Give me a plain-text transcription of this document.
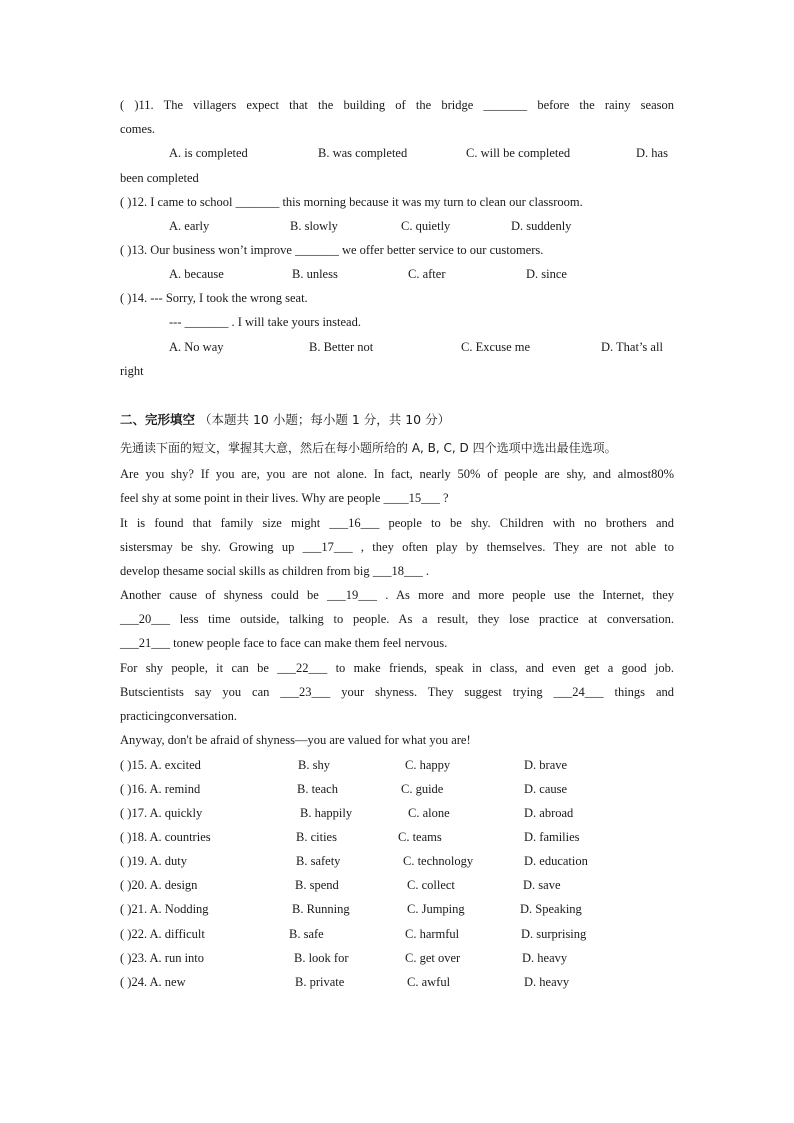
( )11. The villagers expect that the building of the bridge _______ before the rainy season
comes.
A. is completed	B. was completed	C. will be completed	D. has
been completed
( )12. I came to school _______ this morning because it was my turn to clean our classroom.
A. early	B. slowly	C. quietly	D. suddenly
( )13. Our business won’t improve _______ we offer better service to our customers.
A. because	B. unless	C. after	D. since
( )14. --- Sorry, I took the wrong seat.
--- _______ . I will take yours instead.
A. No way	B. Better not	C. Excuse me	D. That’s all
right
二、完形填空 （本题共 10 小题；每小题 1 分，共 10 分）
先通读下面的短文，掌握其大意，然后在每小题所给的 A, B, C, D 四个选项中选出最佳选项。
Are you shy? If you are, you are not alone. In fact, nearly 50% of people are shy, and almost80%
feel shy at some point in their lives. Why are people ____15___ ?
It is found that family size might ___16___ people to be shy. Children with no brothers and
sistersmay be shy. Growing up ___17___ , they often play by themselves. They are not able to
develop thesame social skills as children from big ___18___ .
Another cause of shyness could be ___19___ . As more and more people use the Internet, they
___20___ less time outside, talking to people. As a result, they lose practice at conversation.
___21___ tonew people face to face can make them feel nervous.
For shy people, it can be ___22___ to make friends, speak in class, and even get a good job.
Butscientists say you can ___23___ your shyness. They suggest trying ___24___ things and
practicingconversation.
Anyway, don't be afraid of shyness—you are valued for what you are!
( )15. A. excited	B. shy	C. happy	D. brave
( )16. A. remind	B. teach	C. guide	D. cause
( )17. A. quickly	B. happily	C. alone	D. abroad
( )18. A. countries	B. cities	C. teams	D. families
( )19. A. duty	B. safety	C. technology	D. education
( )20. A. design	B. spend	C. collect	D. save
( )21. A. Nodding	B. Running	C. Jumping	D. Speaking
( )22. A. difficult	B. safe	C. harmful	D. surprising
( )23. A. run into	B. look for	C. get over	D. heavy
( )24. A. new	B. private	C. awful	D. heavy
